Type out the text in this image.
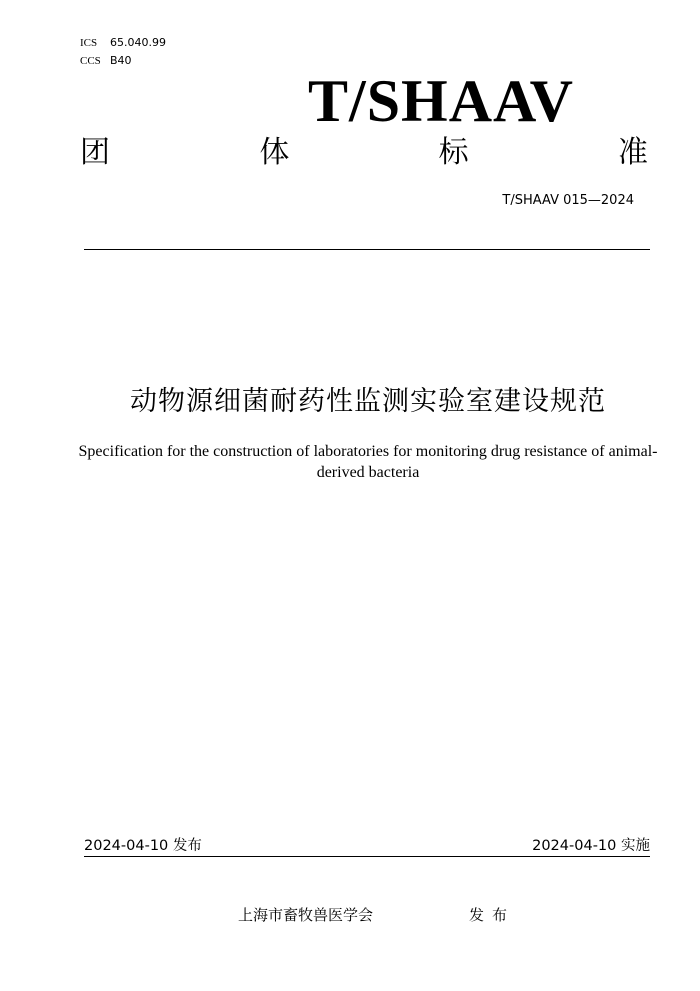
ICS 65.040.99
CCS B40
T/SHAAV
团	体	标	准
T/SHAAV 015—2024
动物源细菌耐药性监测实验室建设规范
Specification for the construction of laboratories for monitoring drug resistance of animal-derived bacteria
2024-04-10 发布	2024-04-10 实施
上海市畜牧兽医学会	发布
